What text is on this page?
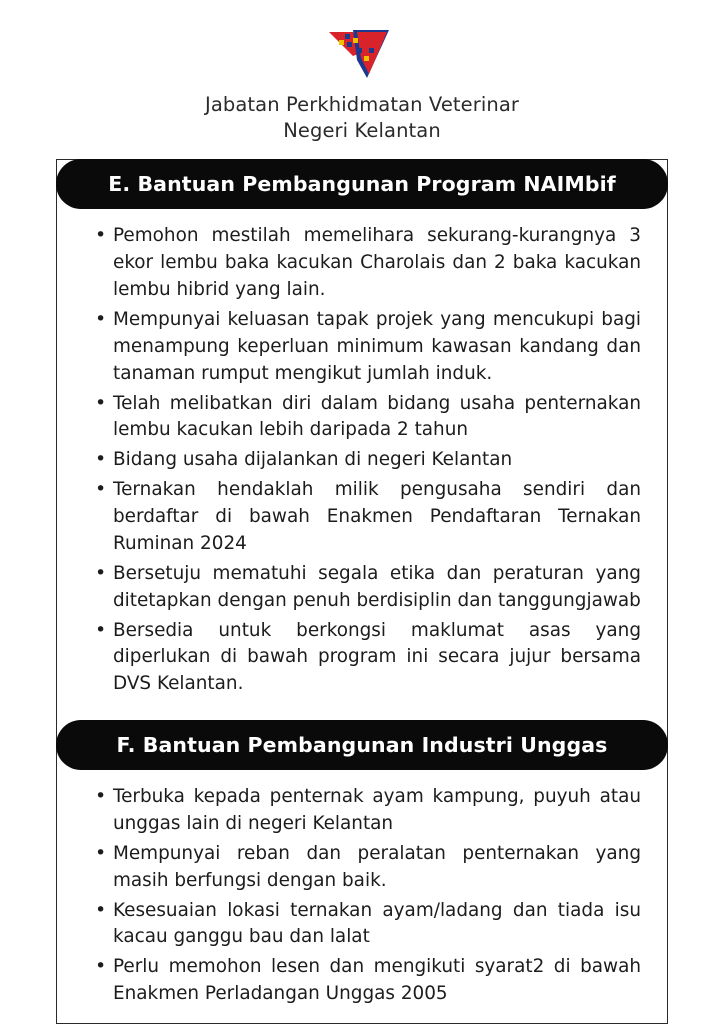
Jabatan Perkhidmatan Veterinar
Negeri Kelantan
E. Bantuan Pembangunan Program NAIMbif
• Pemohon mestilah memelihara sekurang-kurangnya 3 ekor lembu baka kacukan Charolais dan 2 baka kacukan lembu hibrid yang lain.
• Mempunyai keluasan tapak projek yang mencukupi bagi menampung keperluan minimum kawasan kandang dan tanaman rumput mengikut jumlah induk.
• Telah melibatkan diri dalam bidang usaha penternakan lembu kacukan lebih daripada 2 tahun
• Bidang usaha dijalankan di negeri Kelantan
• Ternakan hendaklah milik pengusaha sendiri dan berdaftar di bawah Enakmen Pendaftaran Ternakan Ruminan 2024
• Bersetuju mematuhi segala etika dan peraturan yang ditetapkan dengan penuh berdisiplin dan tanggungjawab
• Bersedia untuk berkongsi maklumat asas yang diperlukan di bawah program ini secara jujur bersama DVS Kelantan.
F. Bantuan Pembangunan Industri Unggas
• Terbuka kepada penternak ayam kampung, puyuh atau unggas lain di negeri Kelantan
• Mempunyai reban dan peralatan penternakan yang masih berfungsi dengan baik.
• Kesesuaian lokasi ternakan ayam/ladang dan tiada isu kacau ganggu bau dan lalat
• Perlu memohon lesen dan mengikuti syarat2 di bawah Enakmen Perladangan Unggas 2005
